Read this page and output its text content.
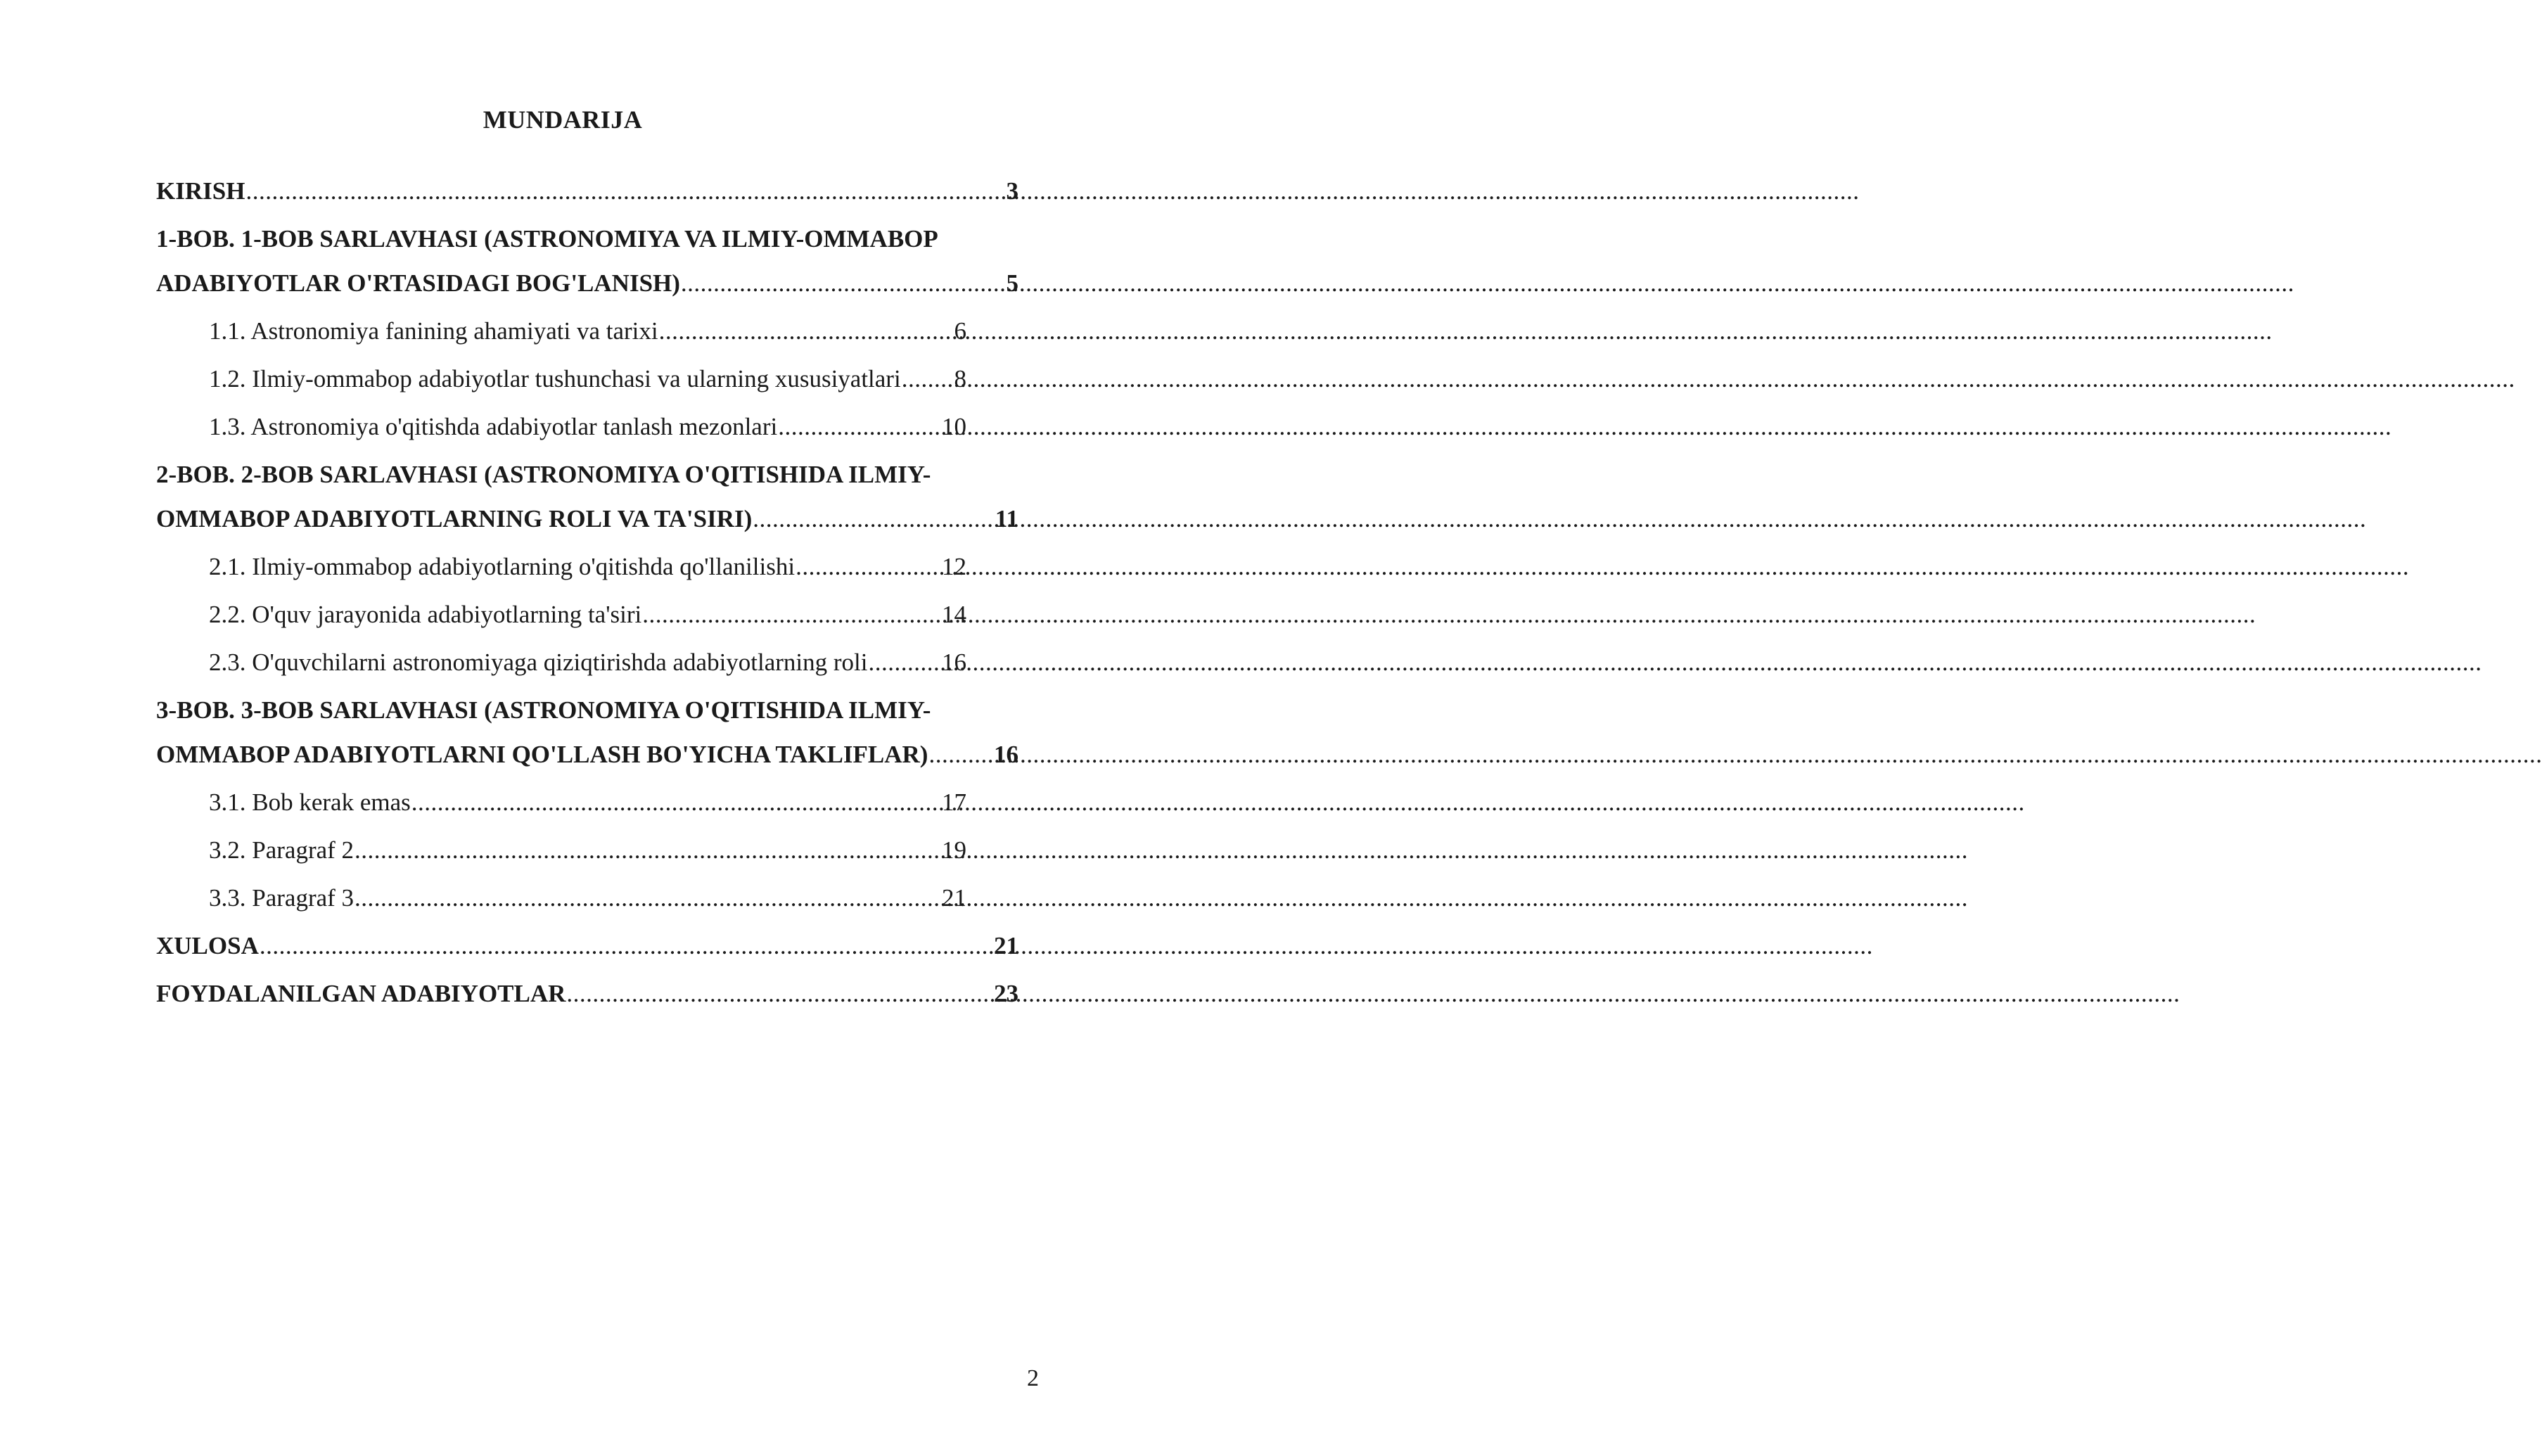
MUNDARIJA
KIRISH .....	3
1-BOB. 1-BOB SARLAVHASI (ASTRONOMIYA VA ILMIY-OMMABOP
ADABIYOTLAR O'RTASIDAGI BOG'LANISH) .....	5
1.1. Astronomiya fanining ahamiyati va tarixi .....	6
1.2. Ilmiy-ommabop adabiyotlar tushunchasi va ularning xususiyatlari ..... 8
1.3. Astronomiya o'qitishda adabiyotlar tanlash mezonlari .....	10
2-BOB. 2-BOB SARLAVHASI (ASTRONOMIYA O'QITISHIDA ILMIY-
OMMABOP ADABIYOTLARNING ROLI VA TA'SIRI) .....	11
2.1. Ilmiy-ommabop adabiyotlarning o'qitishda qo'llanilishi .....	12
2.2. O'quv jarayonida adabiyotlarning ta'siri .....	14
2.3. O'quvchilarni astronomiyaga qiziqtirishda adabiyotlarning roli .....	16
3-BOB. 3-BOB SARLAVHASI (ASTRONOMIYA O'QITISHIDA ILMIY-
OMMABOP ADABIYOTLARNI QO'LLASH BO'YICHA TAKLIFLAR) .....	16
3.1. Bob kerak emas .....	17
3.2. Paragraf 2 .....	19
3.3. Paragraf 3 .....	21
XULOSA .....	21
FOYDALANILGAN ADABIYOTLAR .....	23
2
